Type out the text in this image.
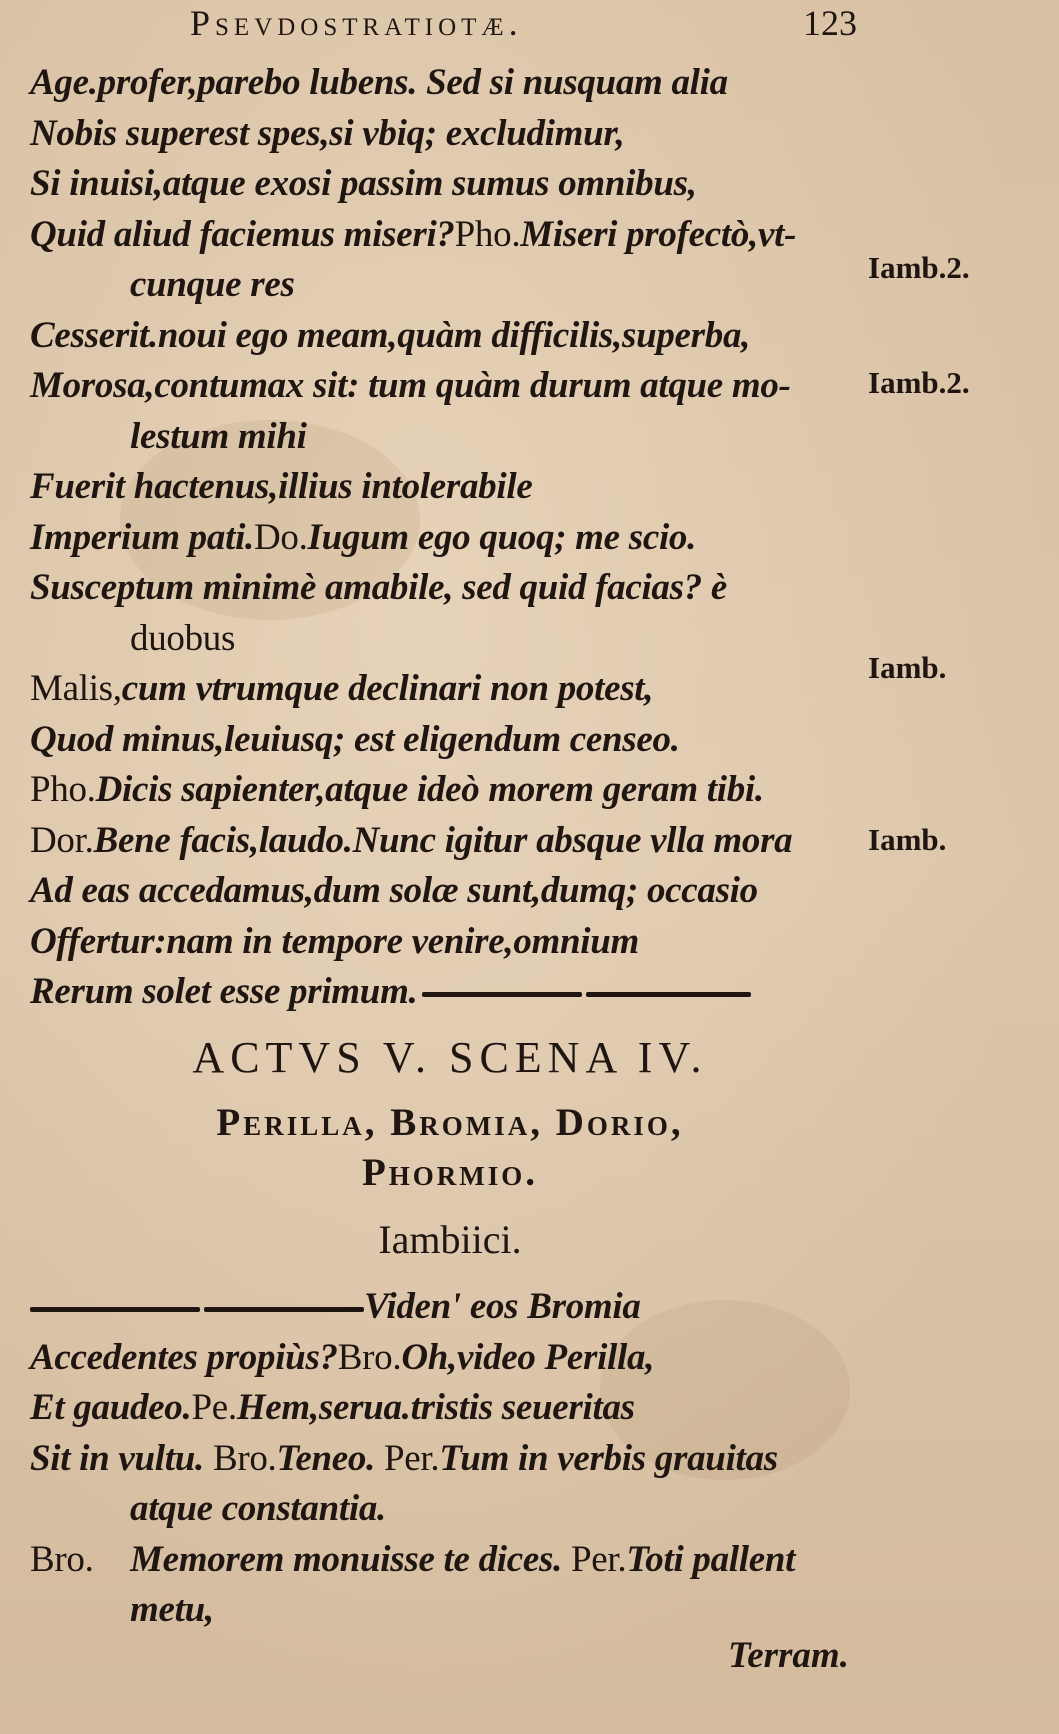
Psevdostratiotæ.	123
Age.profer,parebo lubens. Sed si nusquam alia
Nobis superest spes,si vbiq; excludimur,
Si inuisi,atque exosi passim sumus omnibus,
Quid aliud faciemus miseri?Pho.Miseri profectò,vt-
cunque res
Cesserit.noui ego meam,quàm difficilis,superba,
Morosa,contumax sit: tum quàm durum atque mo-
lestum mihi
Fuerit hactenus,illius intolerabile
Imperium pati.Do.Iugum ego quoq; me scio.
Susceptum minimè amabile, sed quid facias? è
duobus
Malis,cum vtrumque declinari non potest,
Quod minus,leuiusq; est eligendum censeo.
Pho.Dicis sapienter,atque ideò morem geram tibi.
Dor.Bene facis,laudo.Nunc igitur absque vlla mora
Ad eas accedamus,dum solæ sunt,dumq; occasio
Offertur:nam in tempore venire,omnium
Rerum solet esse primum.
Iamb.2.
Iamb.2.
Iamb.
Iamb.
ACTVS V. SCENA IV.
Perilla, Bromia, Dorio,
Phormio.
Iambiici.
Viden' eos Bromia
Accedentes propiùs?Bro.Oh,video Perilla,
Et gaudeo.Pe.Hem,serua.tristis seueritas
Sit in vultu. Bro.Teneo. Per.Tum in verbis grauitas
atque constantia.
Bro. Memorem monuisse te dices. Per.Toti pallent
metu,
Terram.
